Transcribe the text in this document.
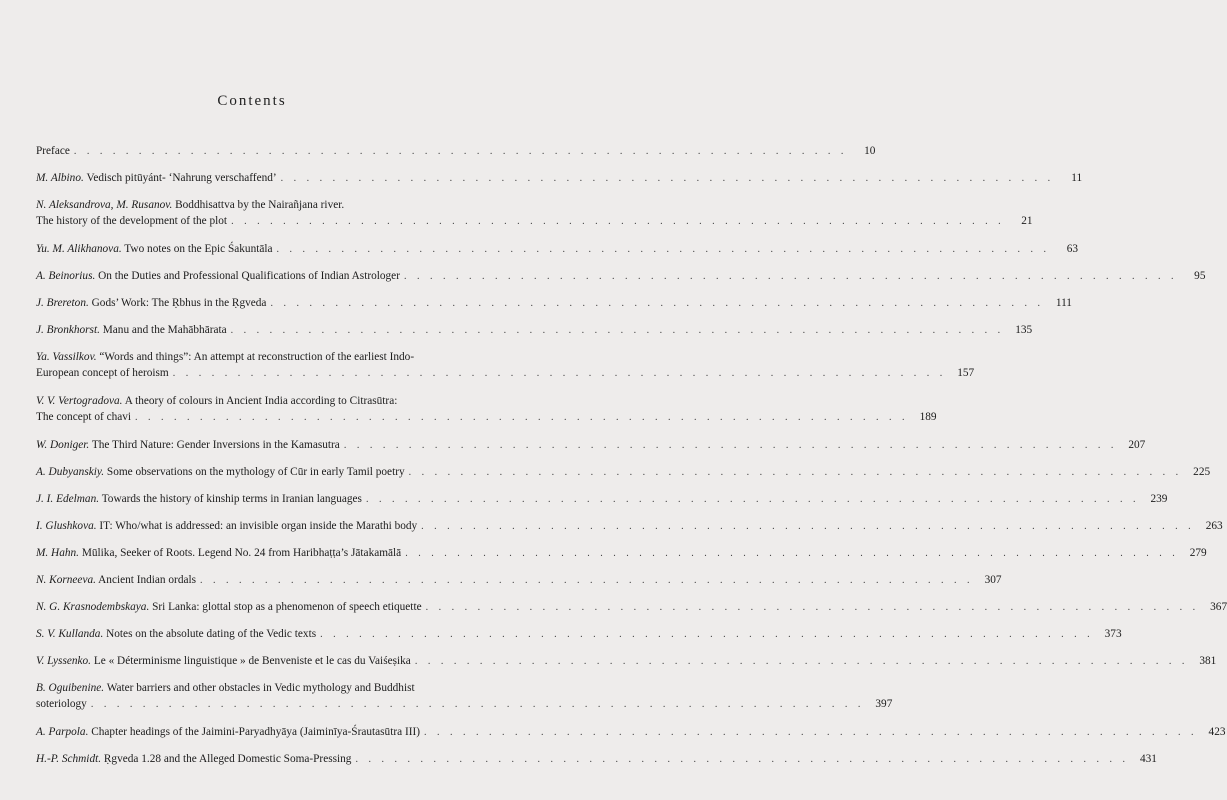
Contents
Preface . . . . . . . . . . . . . . . . . . . . . . . . . . . . . . . . . . . . . . . . . . . . . . . . . . . . . . . . . . . .	10
M. Albino. Vedisch pitūyánt- ‘Nahrung verschaffend’ . . . . . . . . . . . . . . . . . . . . . . . . . . . . . . . . . . . . . . . . . . . . . . . . . . . . . . . . . . . .	11
N. Aleksandrova, M. Rusanov. Boddhisattva by the Nairañjana river.
The history of the development of the plot . . . . . . . . . . . . . . . . . . . . . . . . . . . . . . . . . . . . . . . . . . . . . . . . . . . . . . . . . . . .	21
Yu. M. Alikhanova. Two notes on the Epic Śakuntāla . . . . . . . . . . . . . . . . . . . . . . . . . . . . . . . . . . . . . . . . . . . . . . . . . . . . . . . . . . . .	63
A. Beinorius. On the Duties and Professional Qualifications of Indian Astrologer . . . . . . . . . . . . . . . . . . . . . . . . . . . . . . . . . . . . . . . . . . . . . . . . . . . . . . . . . . . .	95
J. Brereton. Gods’ Work: The Ṛbhus in the Ṛgveda . . . . . . . . . . . . . . . . . . . . . . . . . . . . . . . . . . . . . . . . . . . . . . . . . . . . . . . . . . . .	111
J. Bronkhorst. Manu and the Mahābhārata . . . . . . . . . . . . . . . . . . . . . . . . . . . . . . . . . . . . . . . . . . . . . . . . . . . . . . . . . . . . 135
Ya. Vassilkov. “Words and things”: An attempt at reconstruction of the earliest Indo-
European concept of heroism . . . . . . . . . . . . . . . . . . . . . . . . . . . . . . . . . . . . . . . . . . . . . . . . . . . . . . . . . . . . 157
V. V. Vertogradova. A theory of colours in Ancient India according to Citrasūtra:
The concept of chavi . . . . . . . . . . . . . . . . . . . . . . . . . . . . . . . . . . . . . . . . . . . . . . . . . . . . . . . . . . . . 189
W. Doniger. The Third Nature: Gender Inversions in the Kamasutra . . . . . . . . . . . . . . . . . . . . . . . . . . . . . . . . . . . . . . . . . . . . . . . . . . . . . . . . . . . . 207
A. Dubyanskiy. Some observations on the mythology of Cūr in early Tamil poetry . . . . . . . . . . . . . . . . . . . . . . . . . . . . . . . . . . . . . . . . . . . . . . . . . . . . . . . . . . . . 225
J. I. Edelman. Towards the history of kinship terms in Iranian languages . . . . . . . . . . . . . . . . . . . . . . . . . . . . . . . . . . . . . . . . . . . . . . . . . . . . . . . . . . . . 239
I. Glushkova. IT: Who/what is addressed: an invisible organ inside the Marathi body . . . . . . . . . . . . . . . . . . . . . . . . . . . . . . . . . . . . . . . . . . . . . . . . . . . . . . . . . . . . 263
M. Hahn. Mūlika, Seeker of Roots. Legend No. 24 from Haribhaṭṭa’s Jātakamālā . . . . . . . . . . . . . . . . . . . . . . . . . . . . . . . . . . . . . . . . . . . . . . . . . . . . . . . . . . . . 279
N. Korneeva. Ancient Indian ordals . . . . . . . . . . . . . . . . . . . . . . . . . . . . . . . . . . . . . . . . . . . . . . . . . . . . . . . . . . . . 307
N. G. Krasnodembskaya. Sri Lanka: glottal stop as a phenomenon of speech etiquette . . . . . . . . . . . . . . . . . . . . . . . . . . . . . . . . . . . . . . . . . . . . . . . . . . . . . . . . . . . . 367
S. V. Kullanda. Notes on the absolute dating of the Vedic texts . . . . . . . . . . . . . . . . . . . . . . . . . . . . . . . . . . . . . . . . . . . . . . . . . . . . . . . . . . . . 373
V. Lyssenko. Le « Déterminisme linguistique » de Benveniste et le cas du Vaiśeṣika . . . . . . . . . . . . . . . . . . . . . . . . . . . . . . . . . . . . . . . . . . . . . . . . . . . . . . . . . . . . 381
B. Oguibenine. Water barriers and other obstacles in Vedic mythology and Buddhist
soteriology . . . . . . . . . . . . . . . . . . . . . . . . . . . . . . . . . . . . . . . . . . . . . . . . . . . . . . . . . . . . 397
A. Parpola. Chapter headings of the Jaimini-Paryadhyāya (Jaiminīya-Śrautasūtra III) . . . . . . . . . . . . . . . . . . . . . . . . . . . . . . . . . . . . . . . . . . . . . . . . . . . . . . . . . . . . 423
H.-P. Schmidt. Ṛgveda 1.28 and the Alleged Domestic Soma-Pressing . . . . . . . . . . . . . . . . . . . . . . . . . . . . . . . . . . . . . . . . . . . . . . . . . . . . . . . . . . . . 431
